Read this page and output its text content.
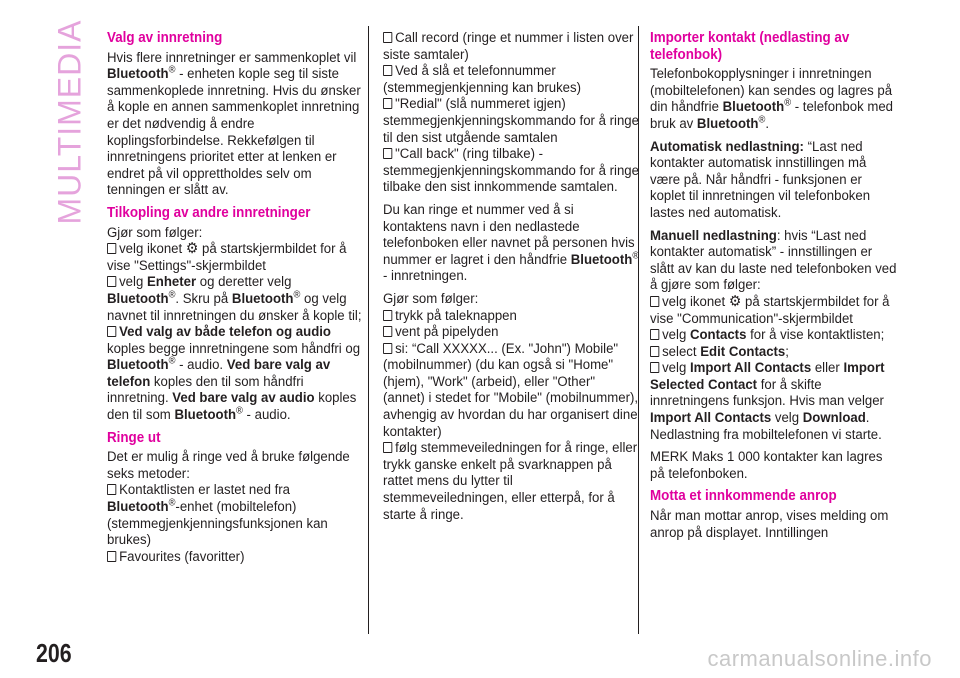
MULTIMEDIA Valg av innretning

Hvis flere innretninger er sammenkoplet vil Bluetooth® - enheten kople seg til siste sammenkoplede innretning. Hvis du ønsker å kople en annen sammenkoplet innretning er det nødvendig å endre koplingsforbindelse. Rekkefølgen til innretningens prioritet etter at lenken er endret på vil opprettholdes selv om tenningen er slått av.

Tilkopling av andre innretninger

Gjør som følger:

velg ikonet ⚙ på startskjermbildet for å vise "Settings"-skjermbildet

velg Enheter og deretter velg Bluetooth®. Skru på Bluetooth® og velg navnet til innretningen du ønsker å kople til;

Ved valg av både telefon og audio koples begge innretningene som håndfri og Bluetooth® - audio. Ved bare valg av telefon koples den til som håndfri innretning. Ved bare valg av audio koples den til som Bluetooth® - audio.

Ringe ut

Det er mulig å ringe ved å bruke følgende seks metoder:

Kontaktlisten er lastet ned fra Bluetooth®-enhet (mobiltelefon) (stemmegjenkjenningsfunksjonen kan brukes)

Favourites (favoritter)

Call record (ringe et nummer i listen over siste samtaler)

Ved å slå et telefonnummer (stemmegjenkjenning kan brukes)

"Redial" (slå nummeret igjen) stemmegjenkjenningskommando for å ringe til den sist utgående samtalen

"Call back" (ring tilbake) - stemmegjenkjenningskommando for å ringe tilbake den sist innkommende samtalen.

Du kan ringe et nummer ved å si kontaktens navn i den nedlastede telefonboken eller navnet på personen hvis nummer er lagret i den håndfrie Bluetooth® - innretningen.

Gjør som følger:

trykk på taleknappen

vent på pipelyden

si: “Call XXXXX... (Ex. "John") Mobile" (mobilnummer) (du kan også si "Home" (hjem), "Work" (arbeid), eller "Other" (annet) i stedet for "Mobile" (mobilnummer), avhengig av hvordan du har organisert dine kontakter)

følg stemmeveiledningen for å ringe, eller trykk ganske enkelt på svarknappen på rattet mens du lytter til stemmeveiledningen, eller etterpå, for å starte å ringe.

Importer kontakt (nedlasting av telefonbok)

Telefonbokopplysninger i innretningen (mobiltelefonen) kan sendes og lagres på din håndfrie Bluetooth® - telefonbok med bruk av Bluetooth®.

Automatisk nedlastning: “Last ned kontakter automatisk innstillingen må være på. Når håndfri - funksjonen er koplet til innretningen vil telefonboken lastes ned automatisk.

Manuell nedlastning: hvis “Last ned kontakter automatisk” - innstillingen er slått av kan du laste ned telefonboken ved å gjøre som følger:

velg ikonet ⚙ på startskjermbildet for å vise "Communication"-skjermbildet

velg Contacts for å vise kontaktlisten;

select Edit Contacts;

velg Import All Contacts eller Import Selected Contact for å skifte innretningens funksjon. Hvis man velger Import All Contacts velg Download. Nedlastning fra mobiltelefonen vi starte.

MERK Maks 1 000 kontakter kan lagres på telefonboken.

Motta et innkommende anrop

Når man mottar anrop, vises melding om anrop på displayet. Inntillingen

206	carmanualsonline.info
